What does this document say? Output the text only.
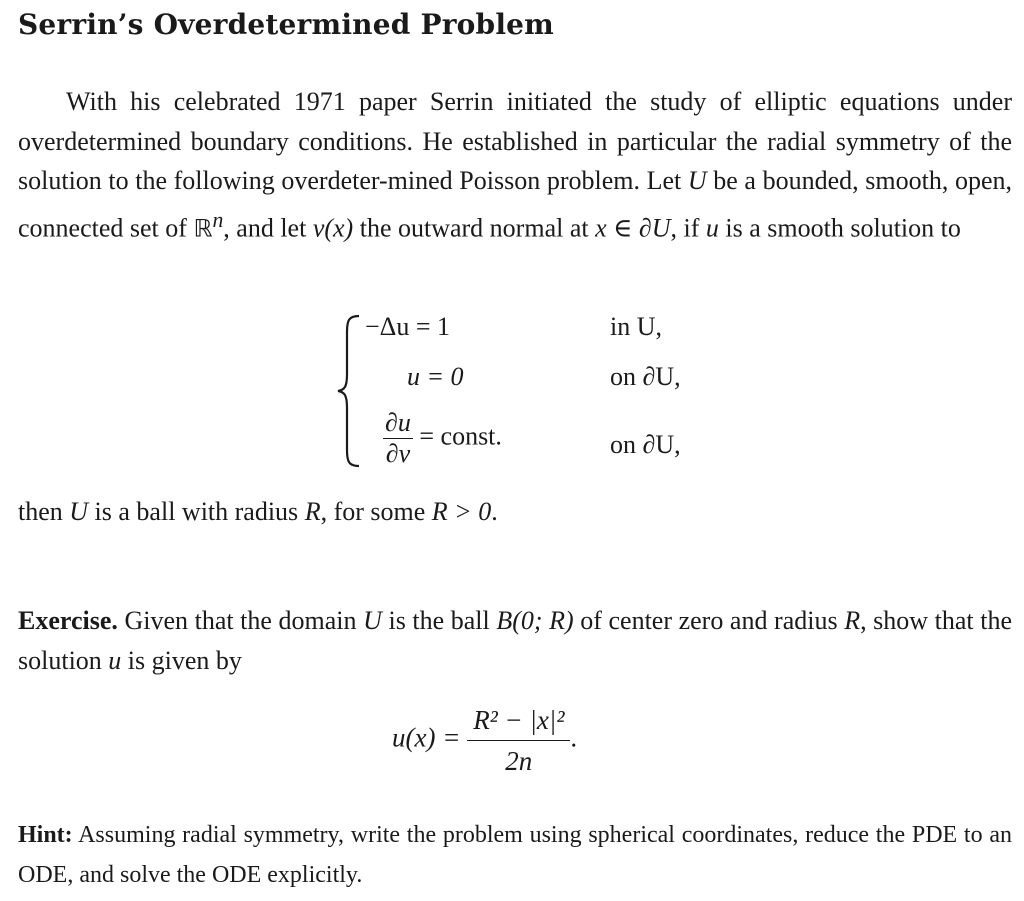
Serrin’s Overdetermined Problem
With his celebrated 1971 paper Serrin initiated the study of elliptic equations under overdetermined boundary conditions. He established in particular the radial symmetry of the solution to the following overdeter-mined Poisson problem. Let U be a bounded, smooth, open, connected set of ℝ$^n$, and let ν(x) the outward normal at x ∈ ∂U, if u is a smooth solution to
−Δu = 1	in U,
u = 0	on ∂U,
$\frac{\partial u}{\partial\nu}$ = const.	on ∂U,
then U is a ball with radius R, for some R > 0.
Exercise. Given that the domain U is the ball B(0; R) of center zero and radius R, show that the solution u is given by
$u(x) = \frac{\text{R² − |x|²}}{2n}$ .
Hint: Assuming radial symmetry, write the problem using spherical coordinates, reduce the PDE to an ODE, and solve the ODE explicitly.
